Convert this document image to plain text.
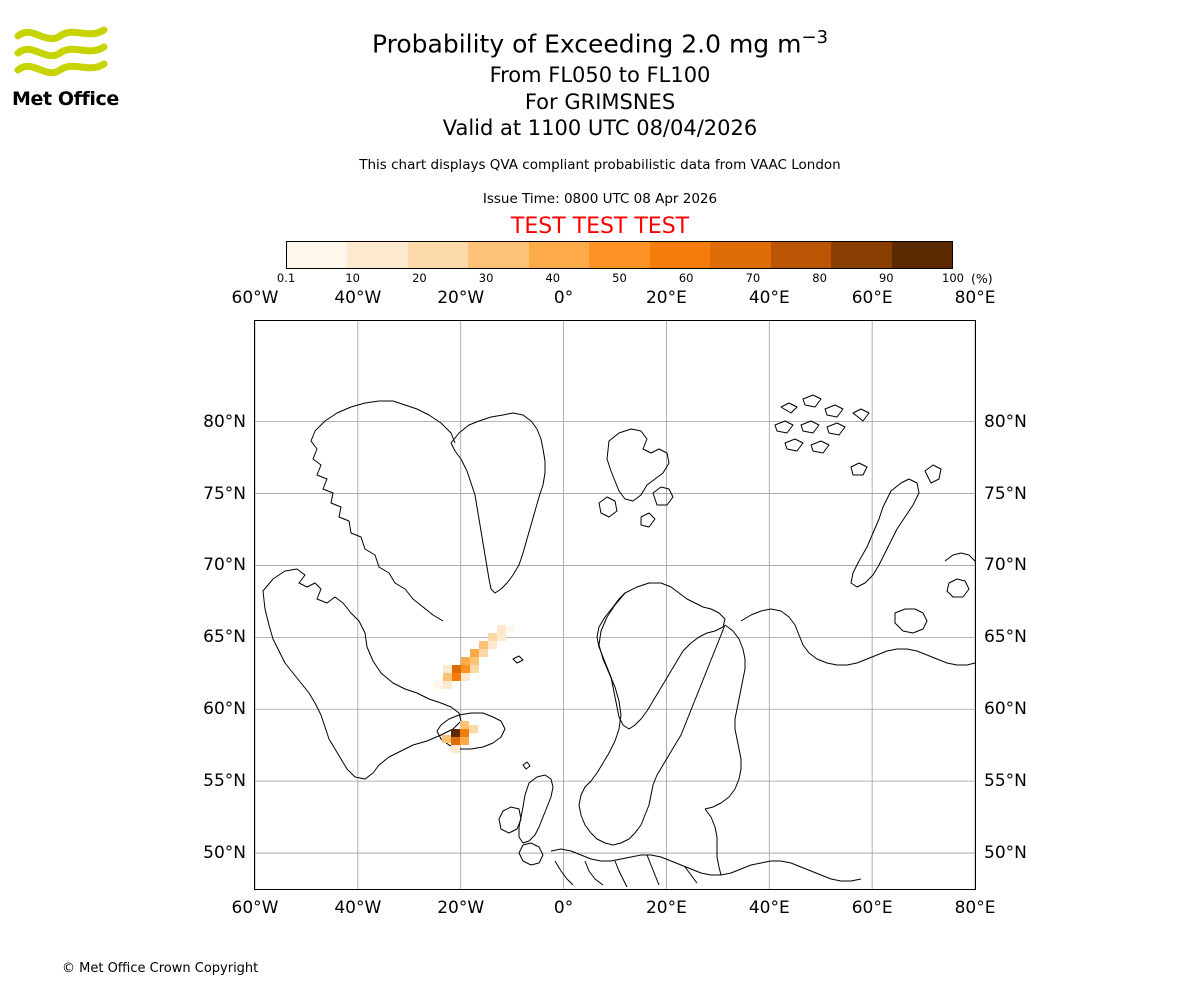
Met Office
Probability of Exceeding 2.0 mg $m^{-3}$
From FL050 to FL100
For GRIMSNES
Valid at 1100 UTC 08/04/2026
This chart displays QVA compliant probabilistic data from VAAC London
Issue Time: 0800 UTC 08 Apr 2026
TEST TEST TEST
0.1	10	20	30	40	50	60	70	80	90	100 (%)
60°W
60°W
40°W
40°W
20°W
20°W
0°
0°
20°E
20°E
40°E
40°E
60°E
60°E
80°E
80°E
50°N	50°N
55°N	55°N
60°N	60°N
65°N	65°N
70°N	70°N
75°N	75°N
80°N	80°N
© Met Office Crown Copyright
